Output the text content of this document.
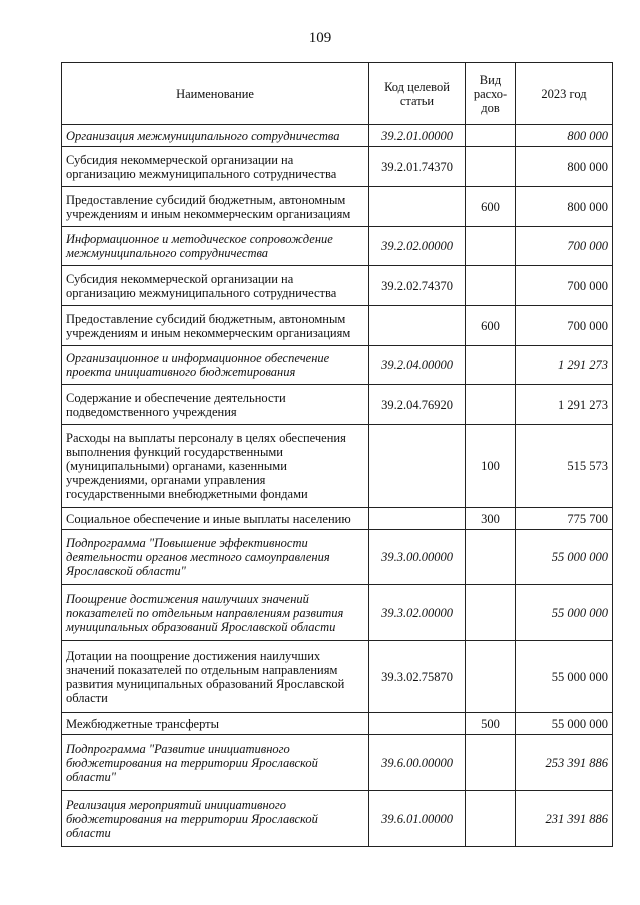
109
Наименование	Код целевой статьи	Вид расхо-дов	2023 год
Организация межмуниципального сотрудничества	39.2.01.00000		800 000
Субсидия некоммерческой организации на организацию межмуниципального сотрудничества	39.2.01.74370		800 000
Предоставление субсидий бюджетным, автономным учреждениям и иным некоммерческим организациям		600	800 000
Информационное и методическое сопровождение межмуниципального сотрудничества	39.2.02.00000		700 000
Субсидия некоммерческой организации на организацию межмуниципального сотрудничества	39.2.02.74370		700 000
Предоставление субсидий бюджетным, автономным учреждениям и иным некоммерческим организациям		600	700 000
Организационное и информационное обеспечение проекта инициативного бюджетирования	39.2.04.00000		1 291 273
Содержание и обеспечение деятельности подведомственного учреждения	39.2.04.76920		1 291 273
Расходы на выплаты персоналу в целях обеспечения выполнения функций государственными (муниципальными) органами, казенными учреждениями, органами управления государственными внебюджетными фондами		100	515 573
Социальное обеспечение и иные выплаты населению		300	775 700
Подпрограмма "Повышение эффективности деятельности органов местного самоуправления Ярославской области"	39.3.00.00000		55 000 000
Поощрение достижения наилучших значений показателей по отдельным направлениям развития муниципальных образований Ярославской области	39.3.02.00000		55 000 000
Дотации на поощрение достижения наилучших значений показателей по отдельным направлениям развития муниципальных образований Ярославской области	39.3.02.75870		55 000 000
Межбюджетные трансферты		500	55 000 000
Подпрограмма "Развитие инициативного бюджетирования на территории Ярославской области"	39.6.00.00000		253 391 886
Реализация мероприятий инициативного бюджетирования на территории Ярославской области	39.6.01.00000		231 391 886
